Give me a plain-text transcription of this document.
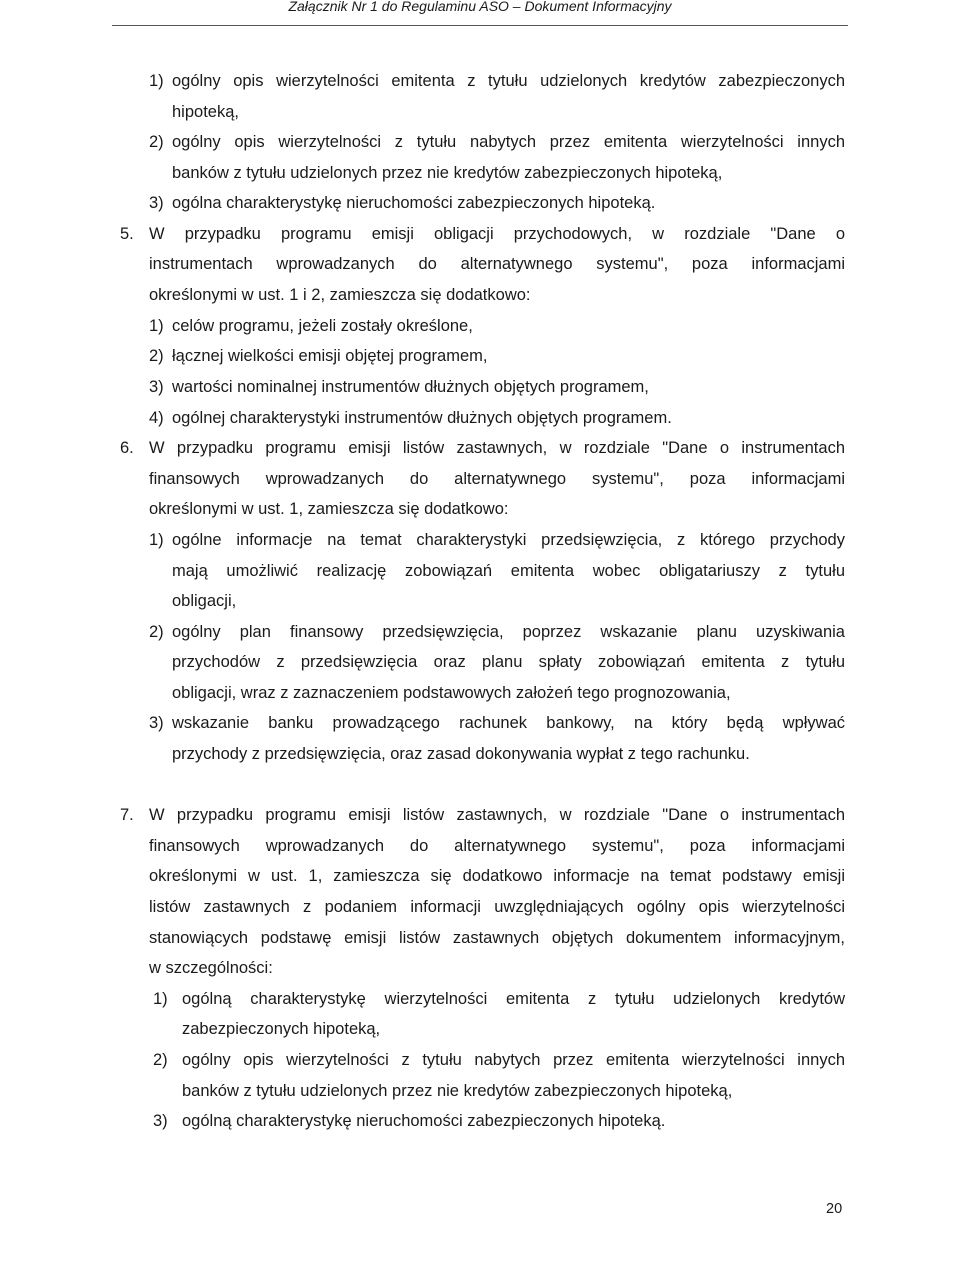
Załącznik Nr 1 do Regulaminu ASO – Dokument Informacyjny
1) ogólny opis wierzytelności emitenta z tytułu udzielonych kredytów zabezpieczonych
hipoteką,
2) ogólny opis wierzytelności z tytułu nabytych przez emitenta wierzytelności innych
banków z tytułu udzielonych przez nie kredytów zabezpieczonych hipoteką,
3) ogólna charakterystykę nieruchomości zabezpieczonych hipoteką.
5. W przypadku programu emisji obligacji przychodowych, w rozdziale "Dane o
instrumentach wprowadzanych do alternatywnego systemu", poza informacjami
określonymi w ust. 1 i 2, zamieszcza się dodatkowo:
1) celów programu, jeżeli zostały określone,
2) łącznej wielkości emisji objętej programem,
3) wartości nominalnej instrumentów dłużnych objętych programem,
4) ogólnej charakterystyki instrumentów dłużnych objętych programem.
6. W przypadku programu emisji listów zastawnych, w rozdziale "Dane o instrumentach
finansowych wprowadzanych do alternatywnego systemu", poza informacjami
określonymi w ust. 1, zamieszcza się dodatkowo:
1) ogólne informacje na temat charakterystyki przedsięwzięcia, z którego przychody
mają umożliwić realizację zobowiązań emitenta wobec obligatariuszy z tytułu
obligacji,
2) ogólny plan finansowy przedsięwzięcia, poprzez wskazanie planu uzyskiwania
przychodów z przedsięwzięcia oraz planu spłaty zobowiązań emitenta z tytułu
obligacji, wraz z zaznaczeniem podstawowych założeń tego prognozowania,
3) wskazanie banku prowadzącego rachunek bankowy, na który będą wpływać
przychody z przedsięwzięcia, oraz zasad dokonywania wypłat z tego rachunku.
7. W przypadku programu emisji listów zastawnych, w rozdziale "Dane o instrumentach
finansowych wprowadzanych do alternatywnego systemu", poza informacjami
określonymi w ust. 1, zamieszcza się dodatkowo informacje na temat podstawy emisji
listów zastawnych z podaniem informacji uwzględniających ogólny opis wierzytelności
stanowiących podstawę emisji listów zastawnych objętych dokumentem informacyjnym,
w szczególności:
1) ogólną charakterystykę wierzytelności emitenta z tytułu udzielonych kredytów
zabezpieczonych hipoteką,
2) ogólny opis wierzytelności z tytułu nabytych przez emitenta wierzytelności innych
banków z tytułu udzielonych przez nie kredytów zabezpieczonych hipoteką,
3) ogólną charakterystykę nieruchomości zabezpieczonych hipoteką.
20
